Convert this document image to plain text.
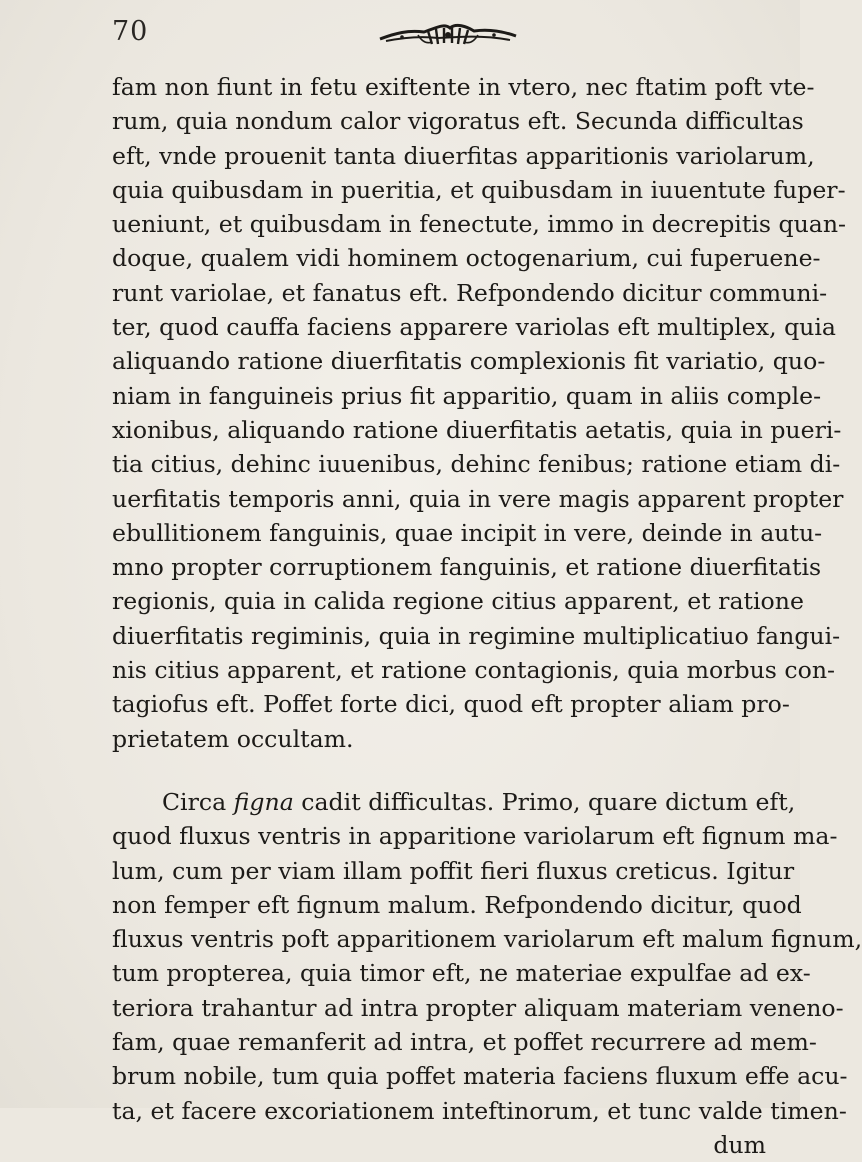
70
fam non fiunt in fetu exiftente in vtero, nec ftatim poft vte-
rum, quia nondum calor vigoratus eft. Secunda difficultas
eft, vnde prouenit tanta diuerfitas apparitionis variolarum,
quia quibusdam in pueritia, et quibusdam in iuuentute fuper-
ueniunt, et quibusdam in fenectute, immo in decrepitis quan-
doque, qualem vidi hominem octogenarium, cui fuperuene-
runt variolae, et fanatus eft. Refpondendo dicitur communi-
ter, quod cauffa faciens apparere variolas eft multiplex, quia
aliquando ratione diuerfitatis complexionis fit variatio, quo-
niam in fanguineis prius fit apparitio, quam in aliis comple-
xionibus, aliquando ratione diuerfitatis aetatis, quia in pueri-
tia citius, dehinc iuuenibus, dehinc fenibus; ratione etiam di-
uerfitatis temporis anni, quia in vere magis apparent propter
ebullitionem fanguinis, quae incipit in vere, deinde in autu-
mno propter corruptionem fanguinis, et ratione diuerfitatis
regionis, quia in calida regione citius apparent, et ratione
diuerfitatis regiminis, quia in regimine multiplicatiuo fangui-
nis citius apparent, et ratione contagionis, quia morbus con-
tagiofus eft. Poffet forte dici, quod eft propter aliam pro-
prietatem occultam.
Circa figna cadit difficultas. Primo, quare dictum eft,
quod fluxus ventris in apparitione variolarum eft fignum ma-
lum, cum per viam illam poffit fieri fluxus creticus. Igitur
non femper eft fignum malum. Refpondendo dicitur, quod
fluxus ventris poft apparitionem variolarum eft malum fignum,
tum propterea, quia timor eft, ne materiae expulfae ad ex-
teriora trahantur ad intra propter aliquam materiam veneno-
fam, quae remanferit ad intra, et poffet recurrere ad mem-
brum nobile, tum quia poffet materia faciens fluxum effe acu-
ta, et facere excoriationem inteftinorum, et tunc valde timen-
dum
